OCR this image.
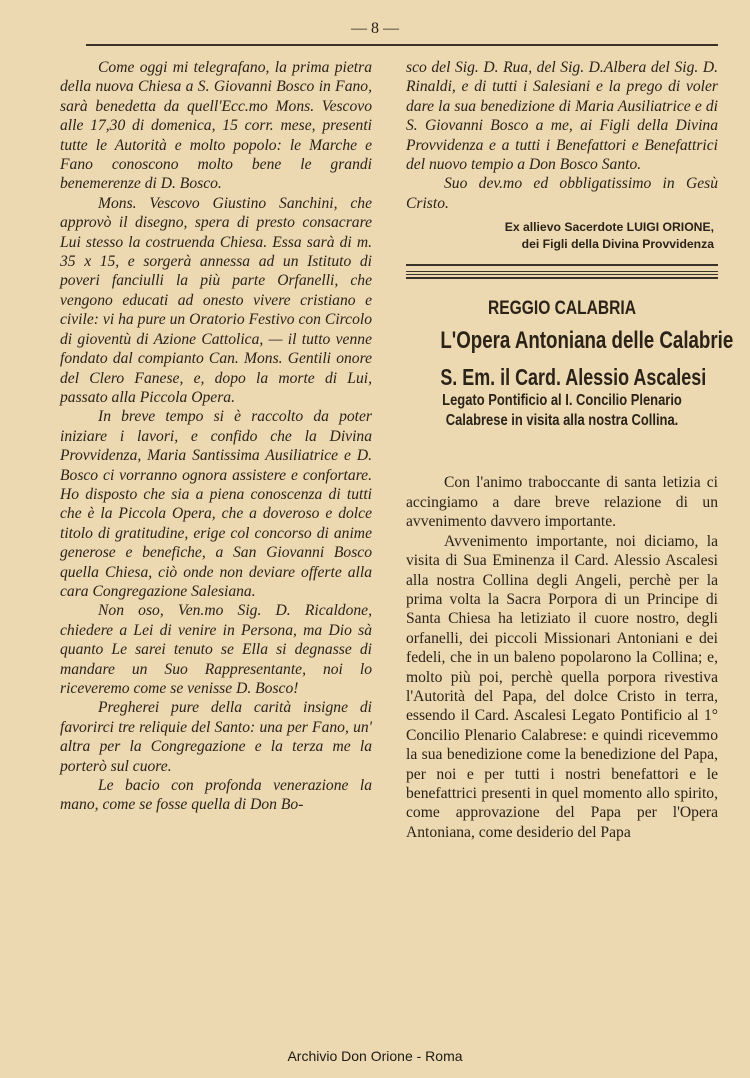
— 8 —

Come oggi mi telegrafano, la prima pietra della nuova Chiesa a S. Giovanni Bosco in Fano, sarà benedetta da quell'Ecc.mo Mons. Vescovo alle 17,30 di domenica, 15 corr. mese, presenti tutte le Autorità e molto popolo: le Marche e Fano conoscono molto bene le grandi benemerenze di D. Bosco.

Mons. Vescovo Giustino Sanchini, che approvò il disegno, spera di presto consacrare Lui stesso la costruenda Chiesa. Essa sarà di m. 35 x 15, e sorgerà annessa ad un Istituto di poveri fanciulli la più parte Orfanelli, che vengono educati ad onesto vivere cristiano e civile: vi ha pure un Oratorio Festivo con Circolo di gioventù di Azione Cattolica, — il tutto venne fondato dal compianto Can. Mons. Gentili onore del Clero Fanese, e, dopo la morte di Lui, passato alla Piccola Opera.

In breve tempo si è raccolto da poter iniziare i lavori, e confido che la Divina Provvidenza, Maria Santissima Ausiliatrice e D. Bosco ci vorranno ognora assistere e confortare. Ho disposto che sia a piena conoscenza di tutti che è la Piccola Opera, che a doveroso e dolce titolo di gratitudine, erige col concorso di anime generose e benefiche, a San Giovanni Bosco quella Chiesa, ciò onde non deviare offerte alla cara Congregazione Salesiana.

Non oso, Ven.mo Sig. D. Ricaldone, chiedere a Lei di venire in Persona, ma Dio sà quanto Le sarei tenuto se Ella si degnasse di mandare un Suo Rappresentante, noi lo riceveremo come se venisse D. Bosco!

Pregherei pure della carità insigne di favorirci tre reliquie del Santo: una per Fano, un' altra per la Congregazione e la terza me la porterò sul cuore.

Le bacio con profonda venerazione la mano, come se fosse quella di Don Bo-

sco del Sig. D. Rua, del Sig. D.Albera del Sig. D. Rinaldi, e di tutti i Salesiani e la prego di voler dare la sua benedizione di Maria Ausiliatrice e di S. Giovanni Bosco a me, ai Figli della Divina Provvidenza e a tutti i Benefattori e Benefattrici del nuovo tempio a Don Bosco Santo.

Suo dev.mo ed obbligatissimo in Gesù Cristo.

Ex allievo Sacerdote LUIGI ORIONE,
dei Figli della Divina Provvidenza
REGGIO CALABRIA
L'Opera Antoniana delle Calabrie
S. Em. il Card. Alessio Ascalesi
Legato Pontificio al I. Concilio Plenario
Calabrese in visita alla nostra Collina.

Con l'animo traboccante di santa letizia ci accingiamo a dare breve relazione di un avvenimento davvero importante.

Avvenimento importante, noi diciamo, la visita di Sua Eminenza il Card. Alessio Ascalesi alla nostra Collina degli Angeli, perchè per la prima volta la Sacra Porpora di un Principe di Santa Chiesa ha letiziato il cuore nostro, degli orfanelli, dei piccoli Missionari Antoniani e dei fedeli, che in un baleno popolarono la Collina; e, molto più poi, perchè quella porpora rivestiva l'Autorità del Papa, del dolce Cristo in terra, essendo il Card. Ascalesi Legato Pontificio al 1° Concilio Plenario Calabrese: e quindi ricevemmo la sua benedizione come la benedizione del Papa, per noi e per tutti i nostri benefattori e le benefattrici presenti in quel momento allo spirito, come approvazione del Papa per l'Opera Antoniana, come desiderio del Papa

Archivio Don Orione - Roma
